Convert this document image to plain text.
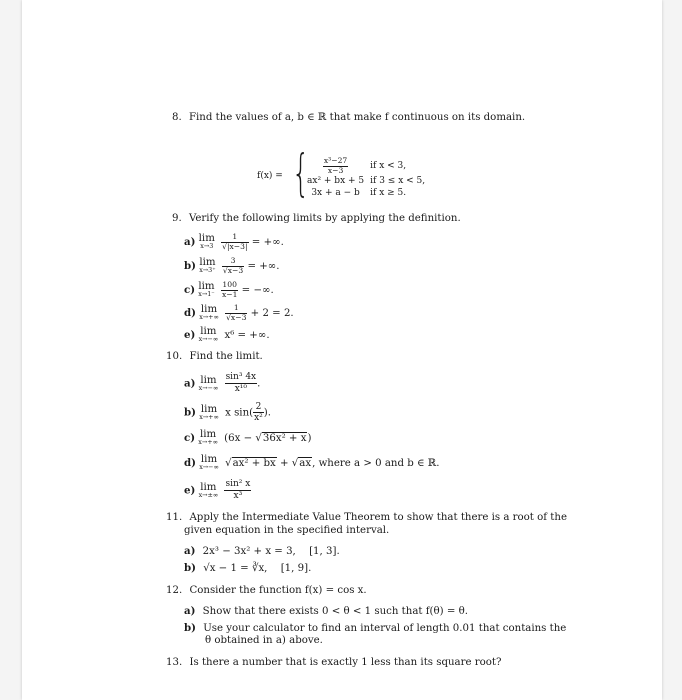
8. Find the values of a, b ∈ ℝ that make f continuous on its domain.
f(x) = { $\frac{\text{x³−27}}{x-3}$	if x < 3,
ax² + bx + 5	if 3 ≤ x < 5,
3x + a − b	if x ≥ 5.
9. Verify the following limits by applying the definition.
a) lim
x→3
$\frac{1}{√|x-3|}$ = +∞.
b) lim
x→3⁺
$\frac{3}{√x-3}$ = +∞.
c) lim
x→1⁻
$\frac{100}{x-1}$ = −∞.
d) lim
x→+∞
$\frac{1}{√x-3} + 2 = 2$.
e) lim
x→−∞ x⁶ = +∞.
10. Find the limit.
a) lim
x→−∞
$\frac{\text{sin³ 4x}}{\text{x¹⁰}}$ .
b) lim
x→+∞ x $\sin( \frac{2}{\text{x²}}$ ).
c) lim
x→+∞ (6x − √36x² + x)
d) lim
x→−∞ √ax² + bx + √ax, where a > 0 and b ∈ ℝ.
e) lim
x→±∞
$\frac{\text{sin² x}}{\text{x³}}$
11. Apply the Intermediate Value Theorem to show that there is a root of the
given equation in the specified interval.
a) 2x³ − 3x² + x = 3, [1, 3].
b) √x − 1 = ∛x, [1, 9].
12. Consider the function f(x) = cos x.
a) Show that there exists 0 < θ < 1 such that f(θ) = θ.
b) Use your calculator to find an interval of length 0.01 that contains the
θ obtained in a) above.
13. Is there a number that is exactly 1 less than its square root?
